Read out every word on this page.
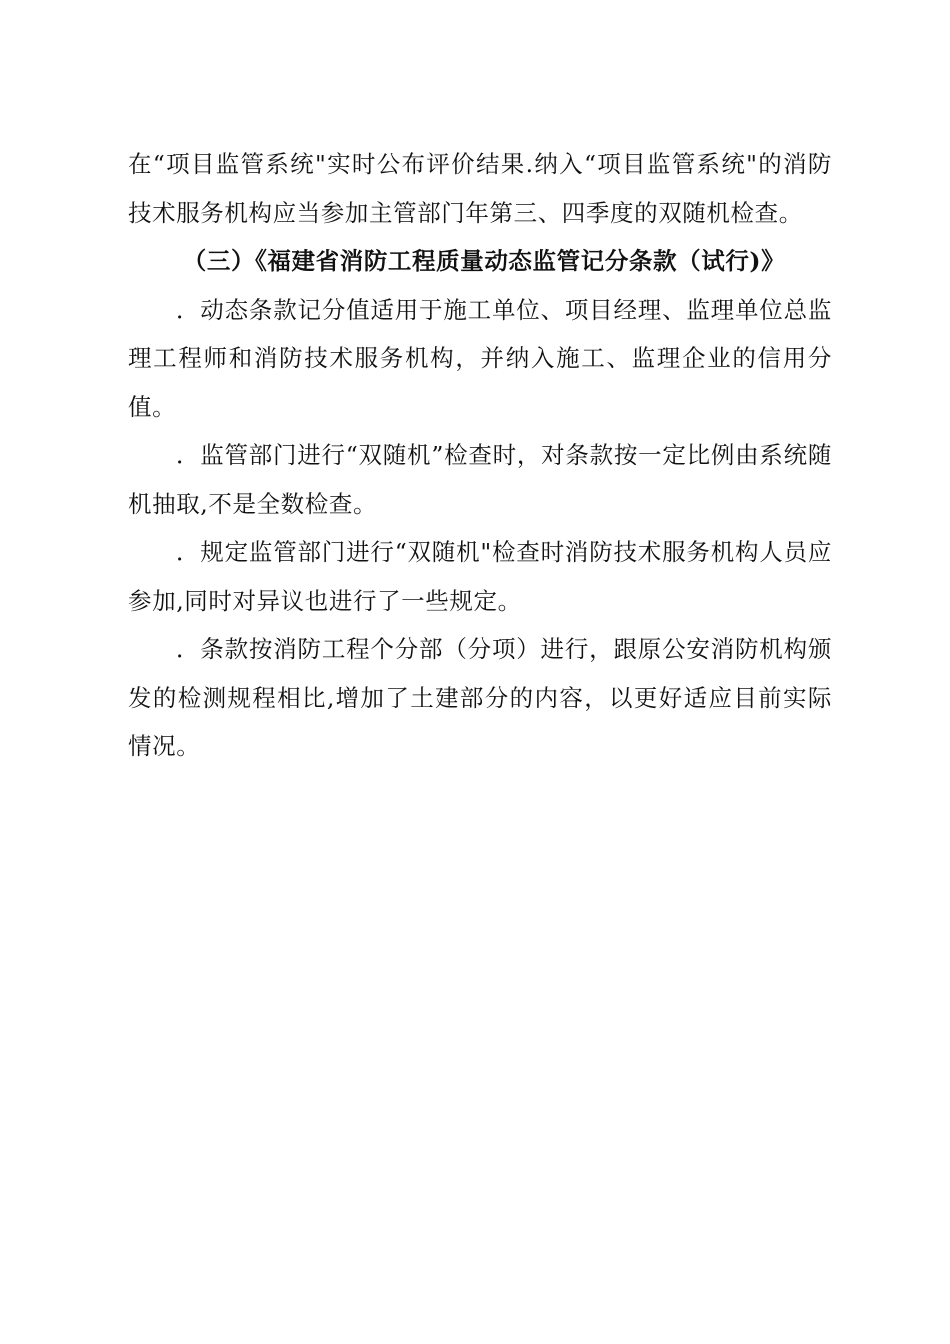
在“项目监管系统"实时公布评价结果.纳入“项目监管系统"的消防技术服务机构应当参加主管部门年第三、四季度的双随机检查。

（三）《福建省消防工程质量动态监管记分条款（试行)》

．动态条款记分值适用于施工单位、项目经理、监理单位总监理工程师和消防技术服务机构，并纳入施工、监理企业的信用分值。

．监管部门进行“双随机”检查时，对条款按一定比例由系统随机抽取,不是全数检查。

．规定监管部门进行“双随机"检查时消防技术服务机构人员应参加,同时对异议也进行了一些规定。

．条款按消防工程个分部（分项）进行，跟原公安消防机构颁发的检测规程相比,增加了土建部分的内容，以更好适应目前实际情况。
